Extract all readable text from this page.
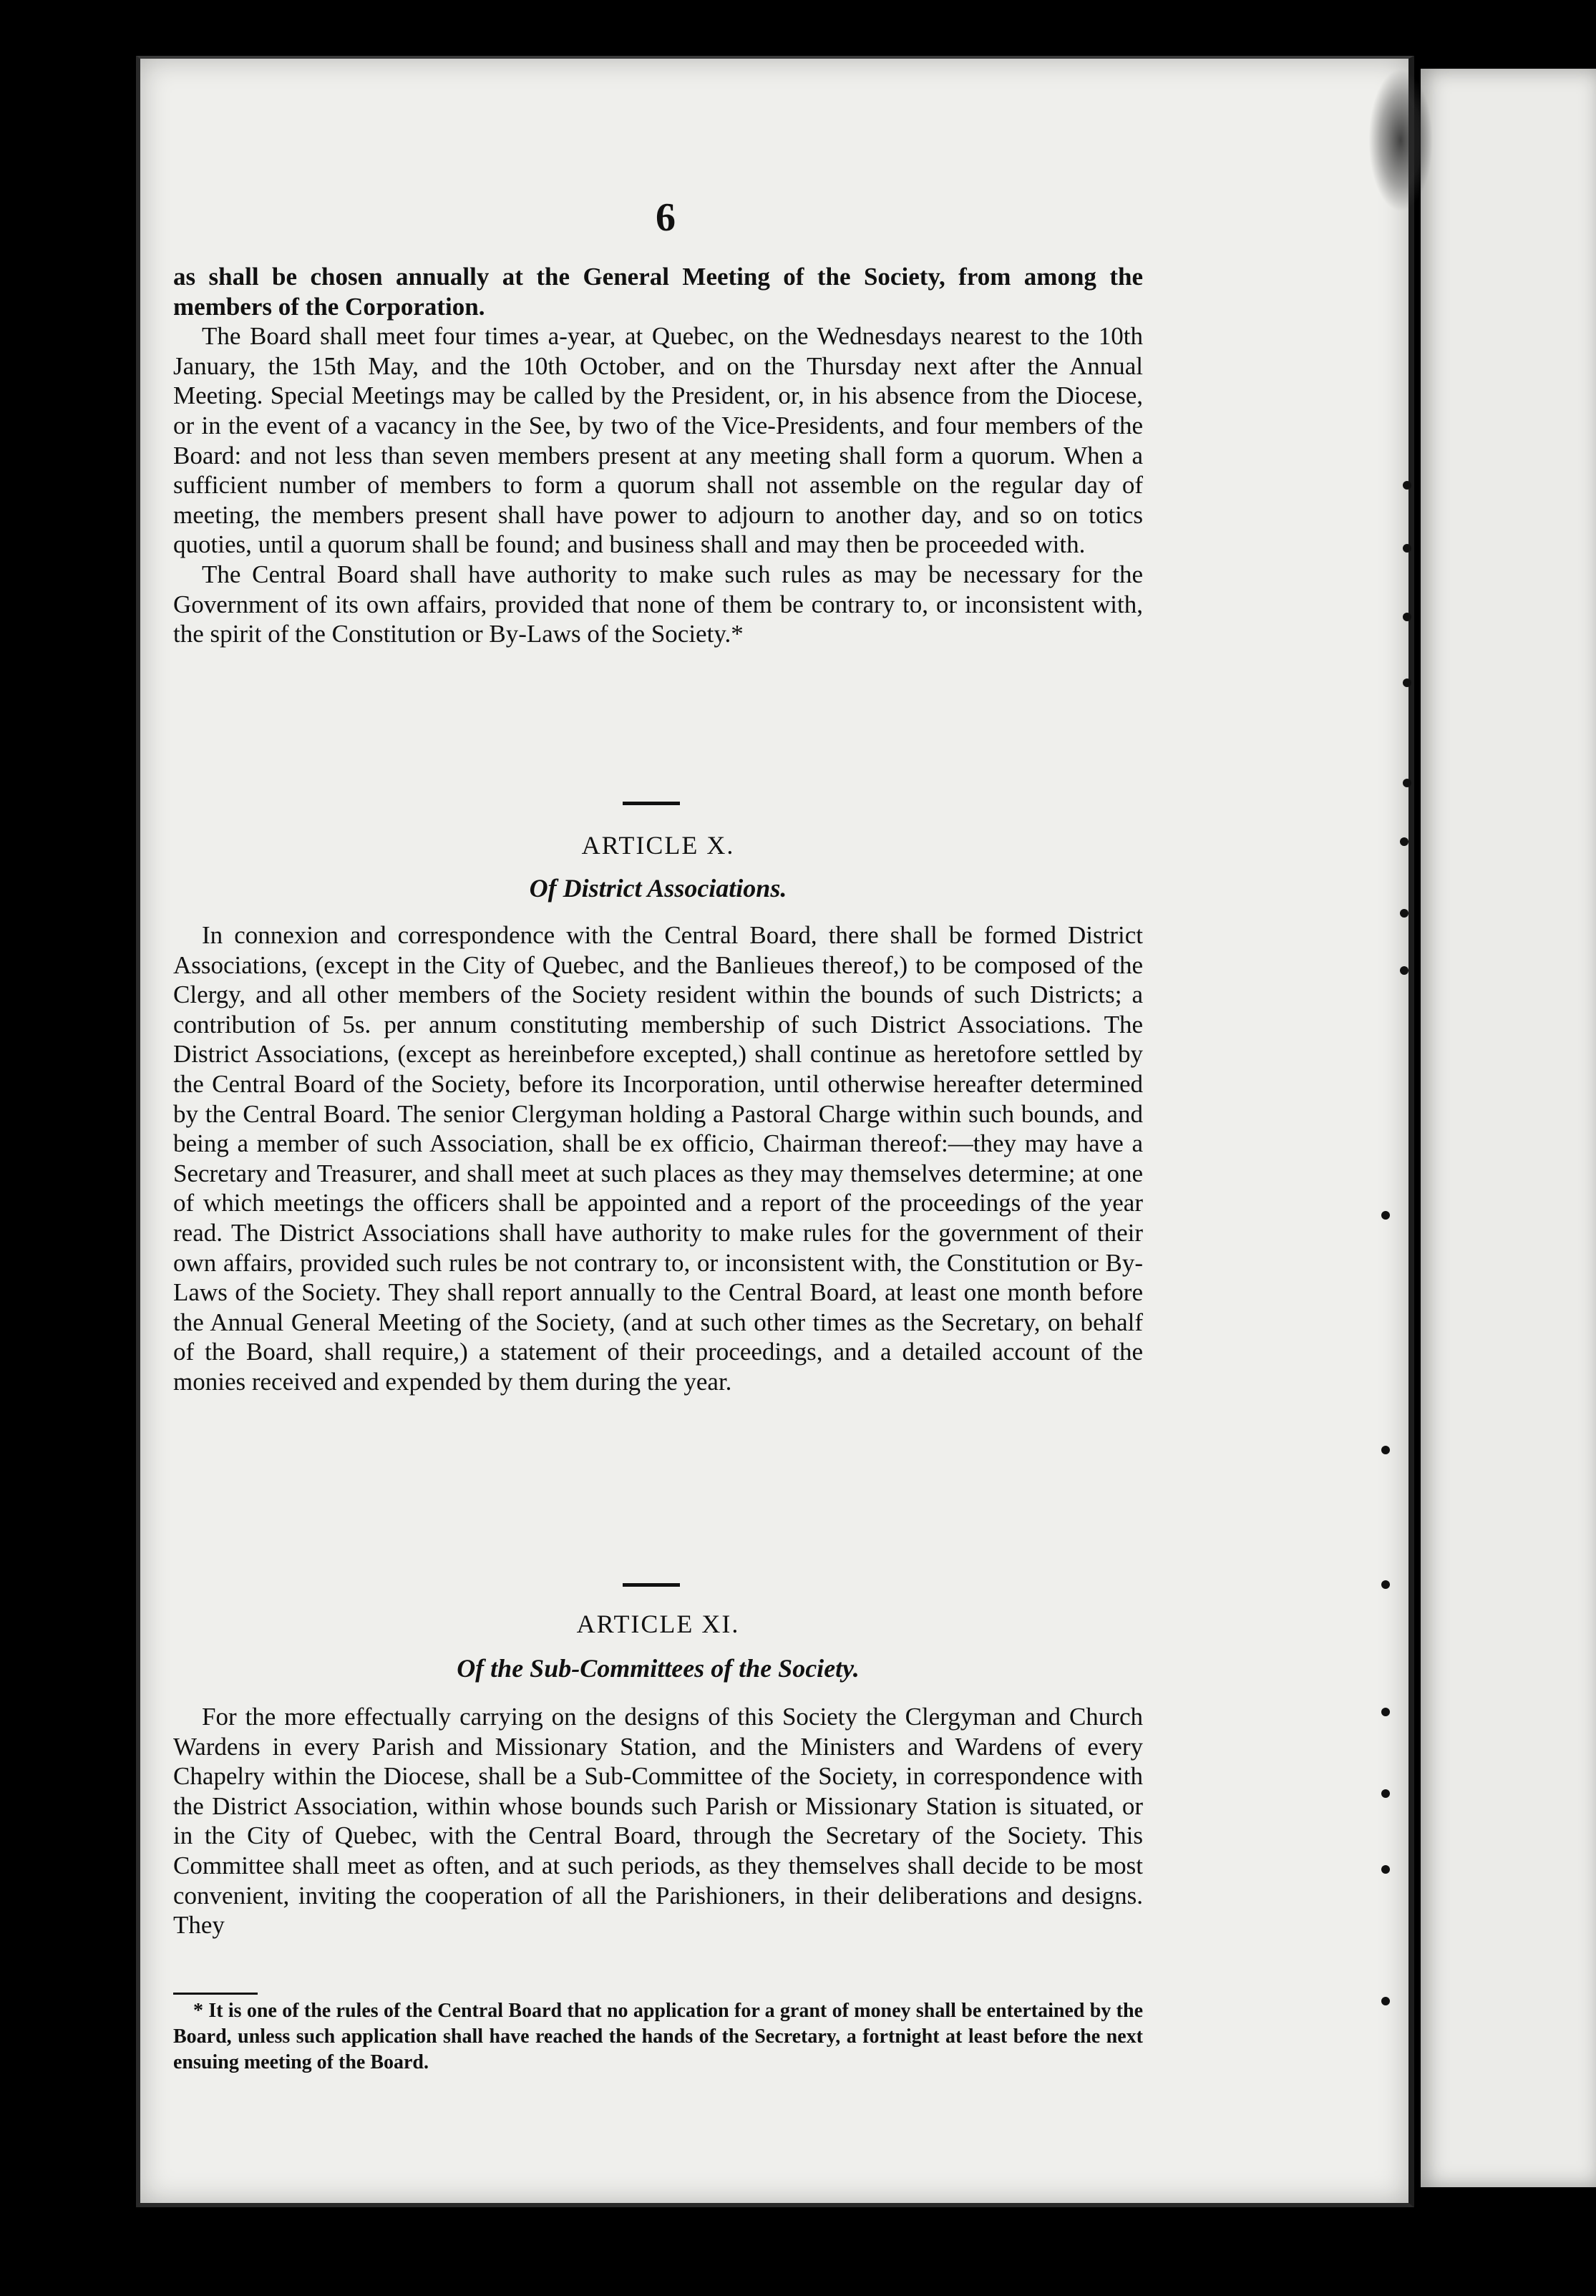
6

as shall be chosen annually at the General Meeting of the Society, from among the members of the Corporation.

The Board shall meet four times a-year, at Quebec, on the Wednesdays nearest to the 10th January, the 15th May, and the 10th October, and on the Thursday next after the Annual Meeting. Special Meetings may be called by the President, or, in his absence from the Diocese, or in the event of a vacancy in the See, by two of the Vice-Presidents, and four members of the Board: and not less than seven members present at any meeting shall form a quorum. When a sufficient number of members to form a quorum shall not assemble on the regular day of meeting, the members present shall have power to adjourn to another day, and so on totics quoties, until a quorum shall be found; and business shall and may then be proceeded with.

The Central Board shall have authority to make such rules as may be necessary for the Government of its own affairs, provided that none of them be contrary to, or inconsistent with, the spirit of the Constitution or By-Laws of the Society.*

ARTICLE X.
Of District Associations.

In connexion and correspondence with the Central Board, there shall be formed District Associations, (except in the City of Quebec, and the Banlieues thereof,) to be composed of the Clergy, and all other members of the Society resident within the bounds of such Districts; a contribution of 5s. per annum constituting membership of such District Associations. The District Associations, (except as hereinbefore excepted,) shall continue as heretofore settled by the Central Board of the Society, before its Incorporation, until otherwise hereafter determined by the Central Board. The senior Clergyman holding a Pastoral Charge within such bounds, and being a member of such Association, shall be ex officio, Chairman thereof:—they may have a Secretary and Treasurer, and shall meet at such places as they may themselves determine; at one of which meetings the officers shall be appointed and a report of the proceedings of the year read. The District Associations shall have authority to make rules for the government of their own affairs, provided such rules be not contrary to, or inconsistent with, the Constitution or By-Laws of the Society. They shall report annually to the Central Board, at least one month before the Annual General Meeting of the Society, (and at such other times as the Secretary, on behalf of the Board, shall require,) a statement of their proceedings, and a detailed account of the monies received and expended by them during the year.

ARTICLE XI.
Of the Sub-Committees of the Society.

For the more effectually carrying on the designs of this Society the Clergyman and Church Wardens in every Parish and Missionary Station, and the Ministers and Wardens of every Chapelry within the Diocese, shall be a Sub-Committee of the Society, in correspondence with the District Association, within whose bounds such Parish or Missionary Station is situated, or in the City of Quebec, with the Central Board, through the Secretary of the Society. This Committee shall meet as often, and at such periods, as they themselves shall decide to be most convenient, inviting the cooperation of all the Parishioners, in their deliberations and designs. They

* It is one of the rules of the Central Board that no application for a grant of money shall be entertained by the Board, unless such application shall have reached the hands of the Secretary, a fortnight at least before the next ensuing meeting of the Board.
